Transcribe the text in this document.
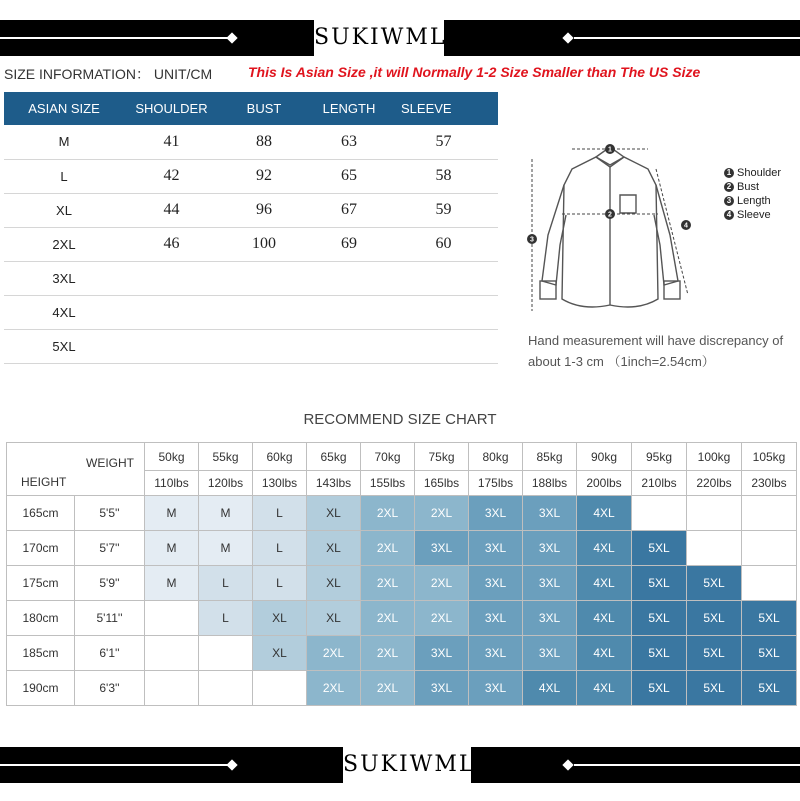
SUKIWML
SIZE INFORMATION： UNIT/CM	This Is Asian Size ,it will Normally 1-2 Size Smaller than The US Size
ASIAN SIZE	SHOULDER	BUST	LENGTH	SLEEVE
M	41	88	63	57
L	42	92	65	58
XL	44	96	67	59
2XL	46	100	69	60
3XL				
4XL				
5XL				
1
2
3
4
1 Shoulder
2 Bust
3 Length
4 Sleeve
Hand measurement will have discrepancy of about 1-3 cm （1inch=2.54cm）
RECOMMEND SIZE CHART
WEIGHT
HEIGHT		50kg	55kg	60kg	65kg	70kg	75kg	80kg	85kg	90kg	95kg	100kg	105kg
		110lbs	120lbs	130lbs	143lbs	155lbs	165lbs	175lbs	188lbs	200lbs	210lbs	220lbs	230lbs
165cm	5'5''	M	M	L	XL	2XL	2XL	3XL	3XL	4XL			
170cm	5'7''	M	M	L	XL	2XL	3XL	3XL	3XL	4XL	5XL		
175cm	5'9''	M	L	L	XL	2XL	2XL	3XL	3XL	4XL	5XL	5XL	
180cm	5'11''		L	XL	XL	2XL	2XL	3XL	3XL	4XL	5XL	5XL	5XL
185cm	6'1''			XL	2XL	2XL	3XL	3XL	3XL	4XL	5XL	5XL	5XL
190cm	6'3''				2XL	2XL	3XL	3XL	4XL	4XL	5XL	5XL	5XL
SUKIWML
